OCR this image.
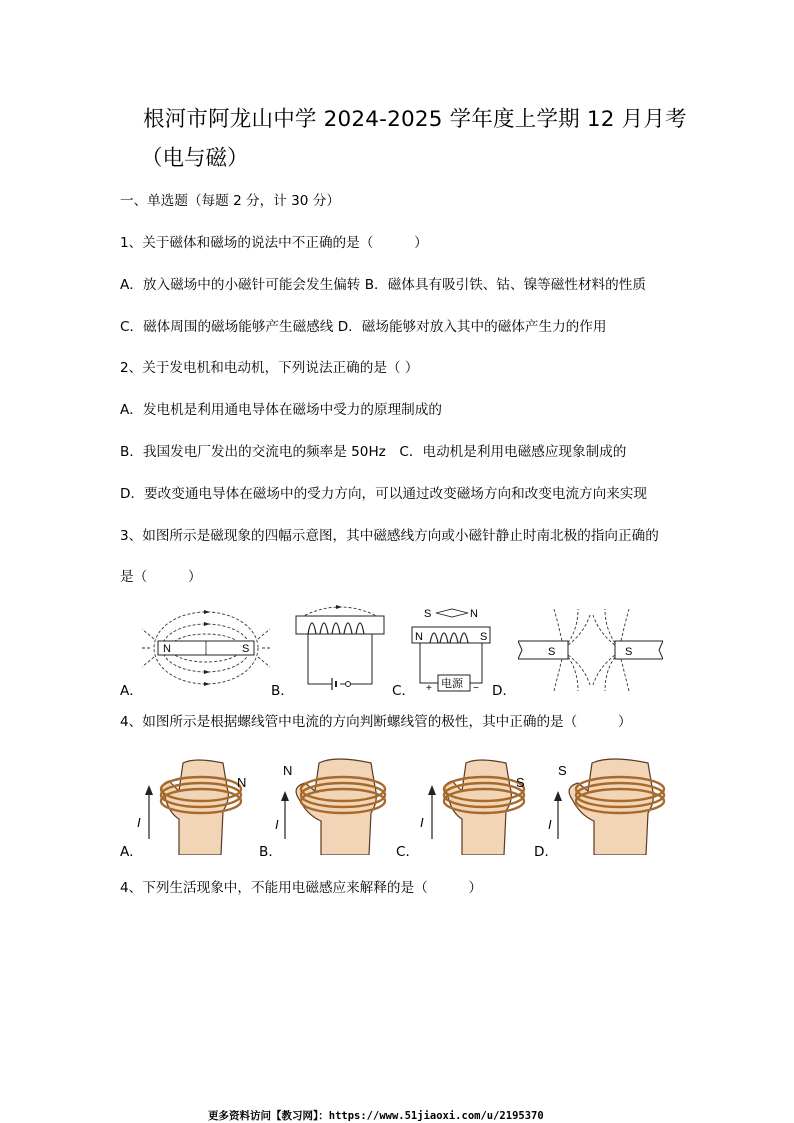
根河市阿龙山中学 2024-2025 学年度上学期 12 月月考
（电与磁）
一、单选题（每题 2 分，计 30 分）
1、关于磁体和磁场的说法中不正确的是（　　　）
A．放入磁场中的小磁针可能会发生偏转 B．磁体具有吸引铁、钴、镍等磁性材料的性质
C．磁体周围的磁场能够产生磁感线 D．磁场能够对放入其中的磁体产生力的作用
2、关于发电机和电动机，下列说法正确的是（ ）
A．发电机是利用通电导体在磁场中受力的原理制成的
B．我国发电厂发出的交流电的频率是 50Hz　C．电动机是利用电磁感应现象制成的
D．要改变通电导体在磁场中的受力方向，可以通过改变磁场方向和改变电流方向来实现
3、如图所示是磁现象的四幅示意图，其中磁感线方向或小磁针静止时南北极的指向正确的
是（　　　）
N	S
A．	B．
S	N
N	S
电源
+	−
C．
S	S
D．
4、如图所示是根据螺线管中电流的方向判断螺线管的极性，其中正确的是（　　　）
I
N
A．
N
I
B．
I
S
C．
S
I
D．
4、下列生活现象中，不能用电磁感应来解释的是（　　　）
更多资料访问【教习网】：https://www.51jiaoxi.com/u/2195370
